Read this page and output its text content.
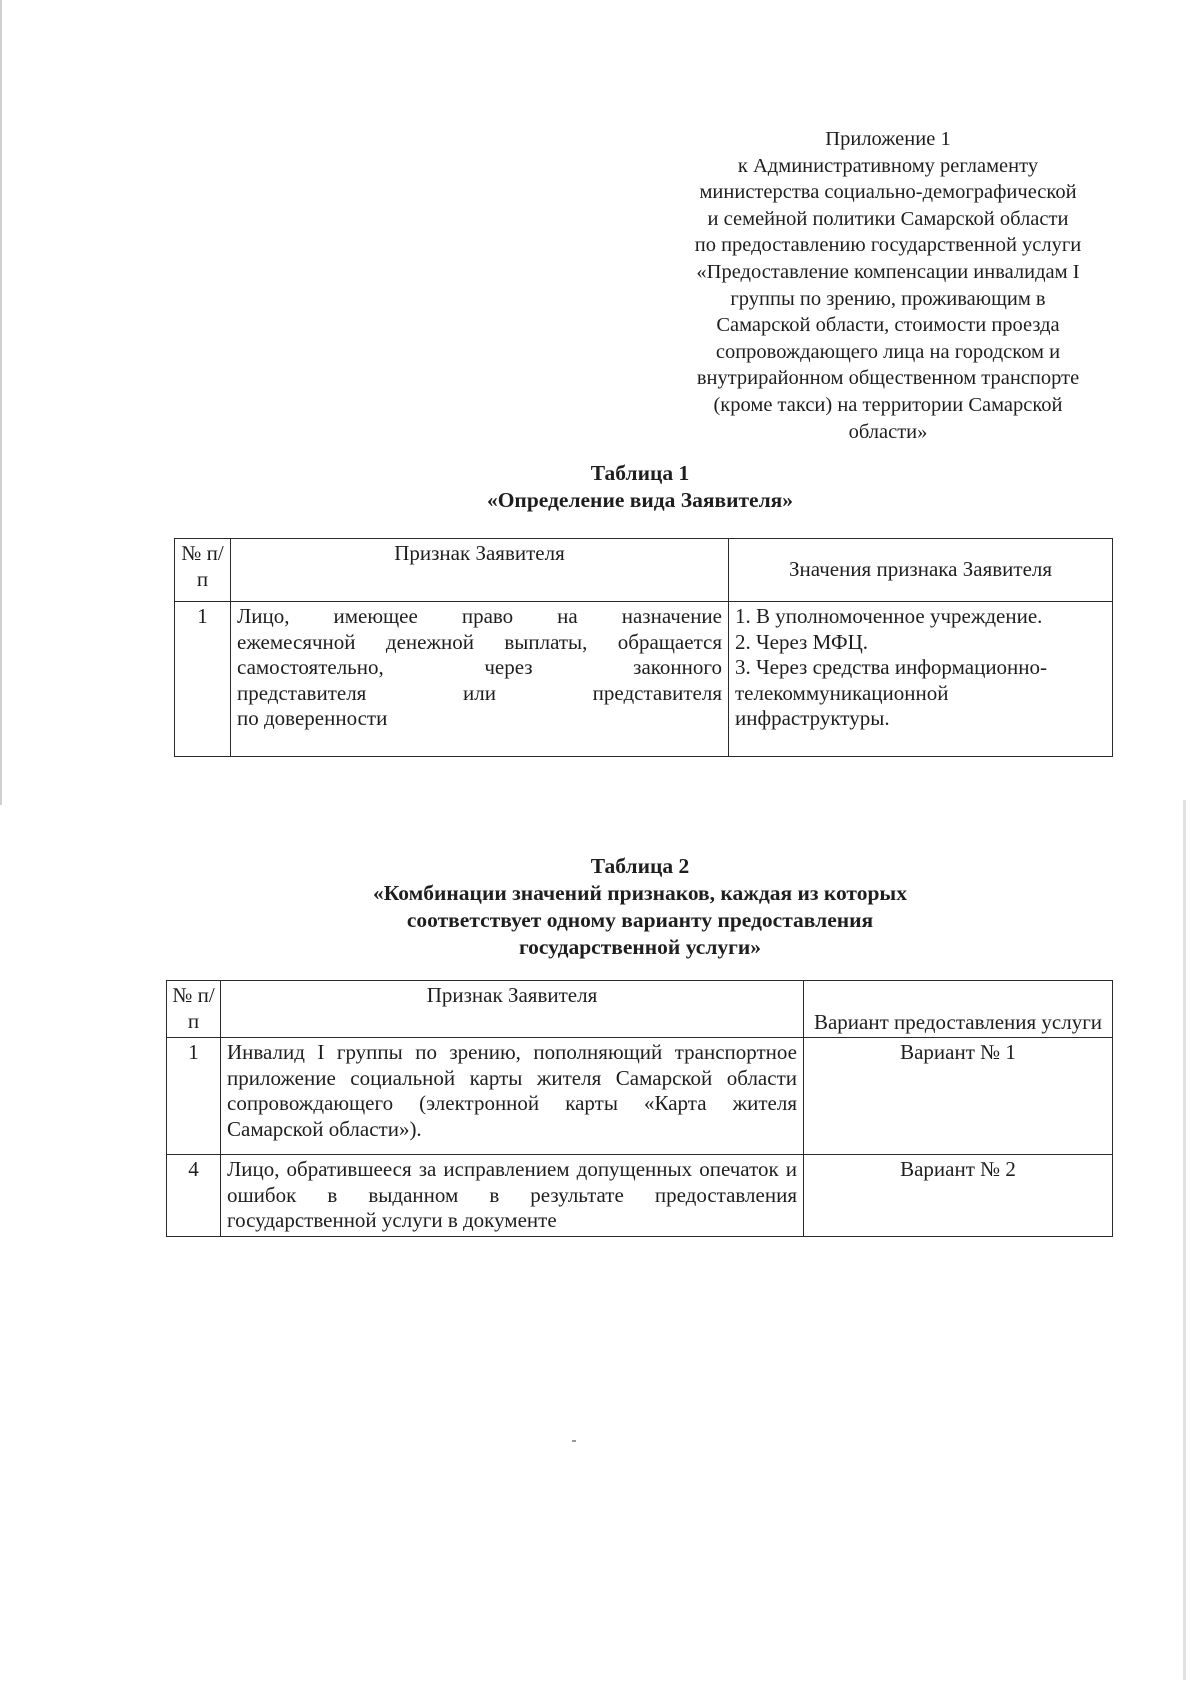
Приложение 1
к Административному регламенту
министерства социально-демографической
и семейной политики Самарской области
по предоставлению государственной услуги
«Предоставление компенсации инвалидам I
группы по зрению, проживающим в
Самарской области, стоимости проезда
сопровождающего лица на городском и
внутрирайонном общественном транспорте
(кроме такси) на территории Самарской
области»
Таблица 1
«Определение вида Заявителя»
№ п/п	Признак Заявителя	Значения признака Заявителя
1	Лицо, имеющее право на назначение
ежемесячной денежной выплаты, обращается
самостоятельно, через законного
представителя или представителя
по доверенности	1. В уполномоченное учреждение.
2. Через МФЦ.
3. Через средства информационно-телекоммуникационной инфраструктуры.
Таблица 2
«Комбинации значений признаков, каждая из которых
соответствует одному варианту предоставления
государственной услуги»
№ п/п	Признак Заявителя	Вариант предоставления услуги
1	Инвалид I группы по зрению, пополняющий транспортное приложение социальной карты жителя Самарской области сопровождающего (электронной карты «Карта жителя Самарской области»).	Вариант № 1
4	Лицо, обратившееся за исправлением допущенных опечаток и ошибок в выданном в результате предоставления государственной услуги в документе	Вариант № 2
